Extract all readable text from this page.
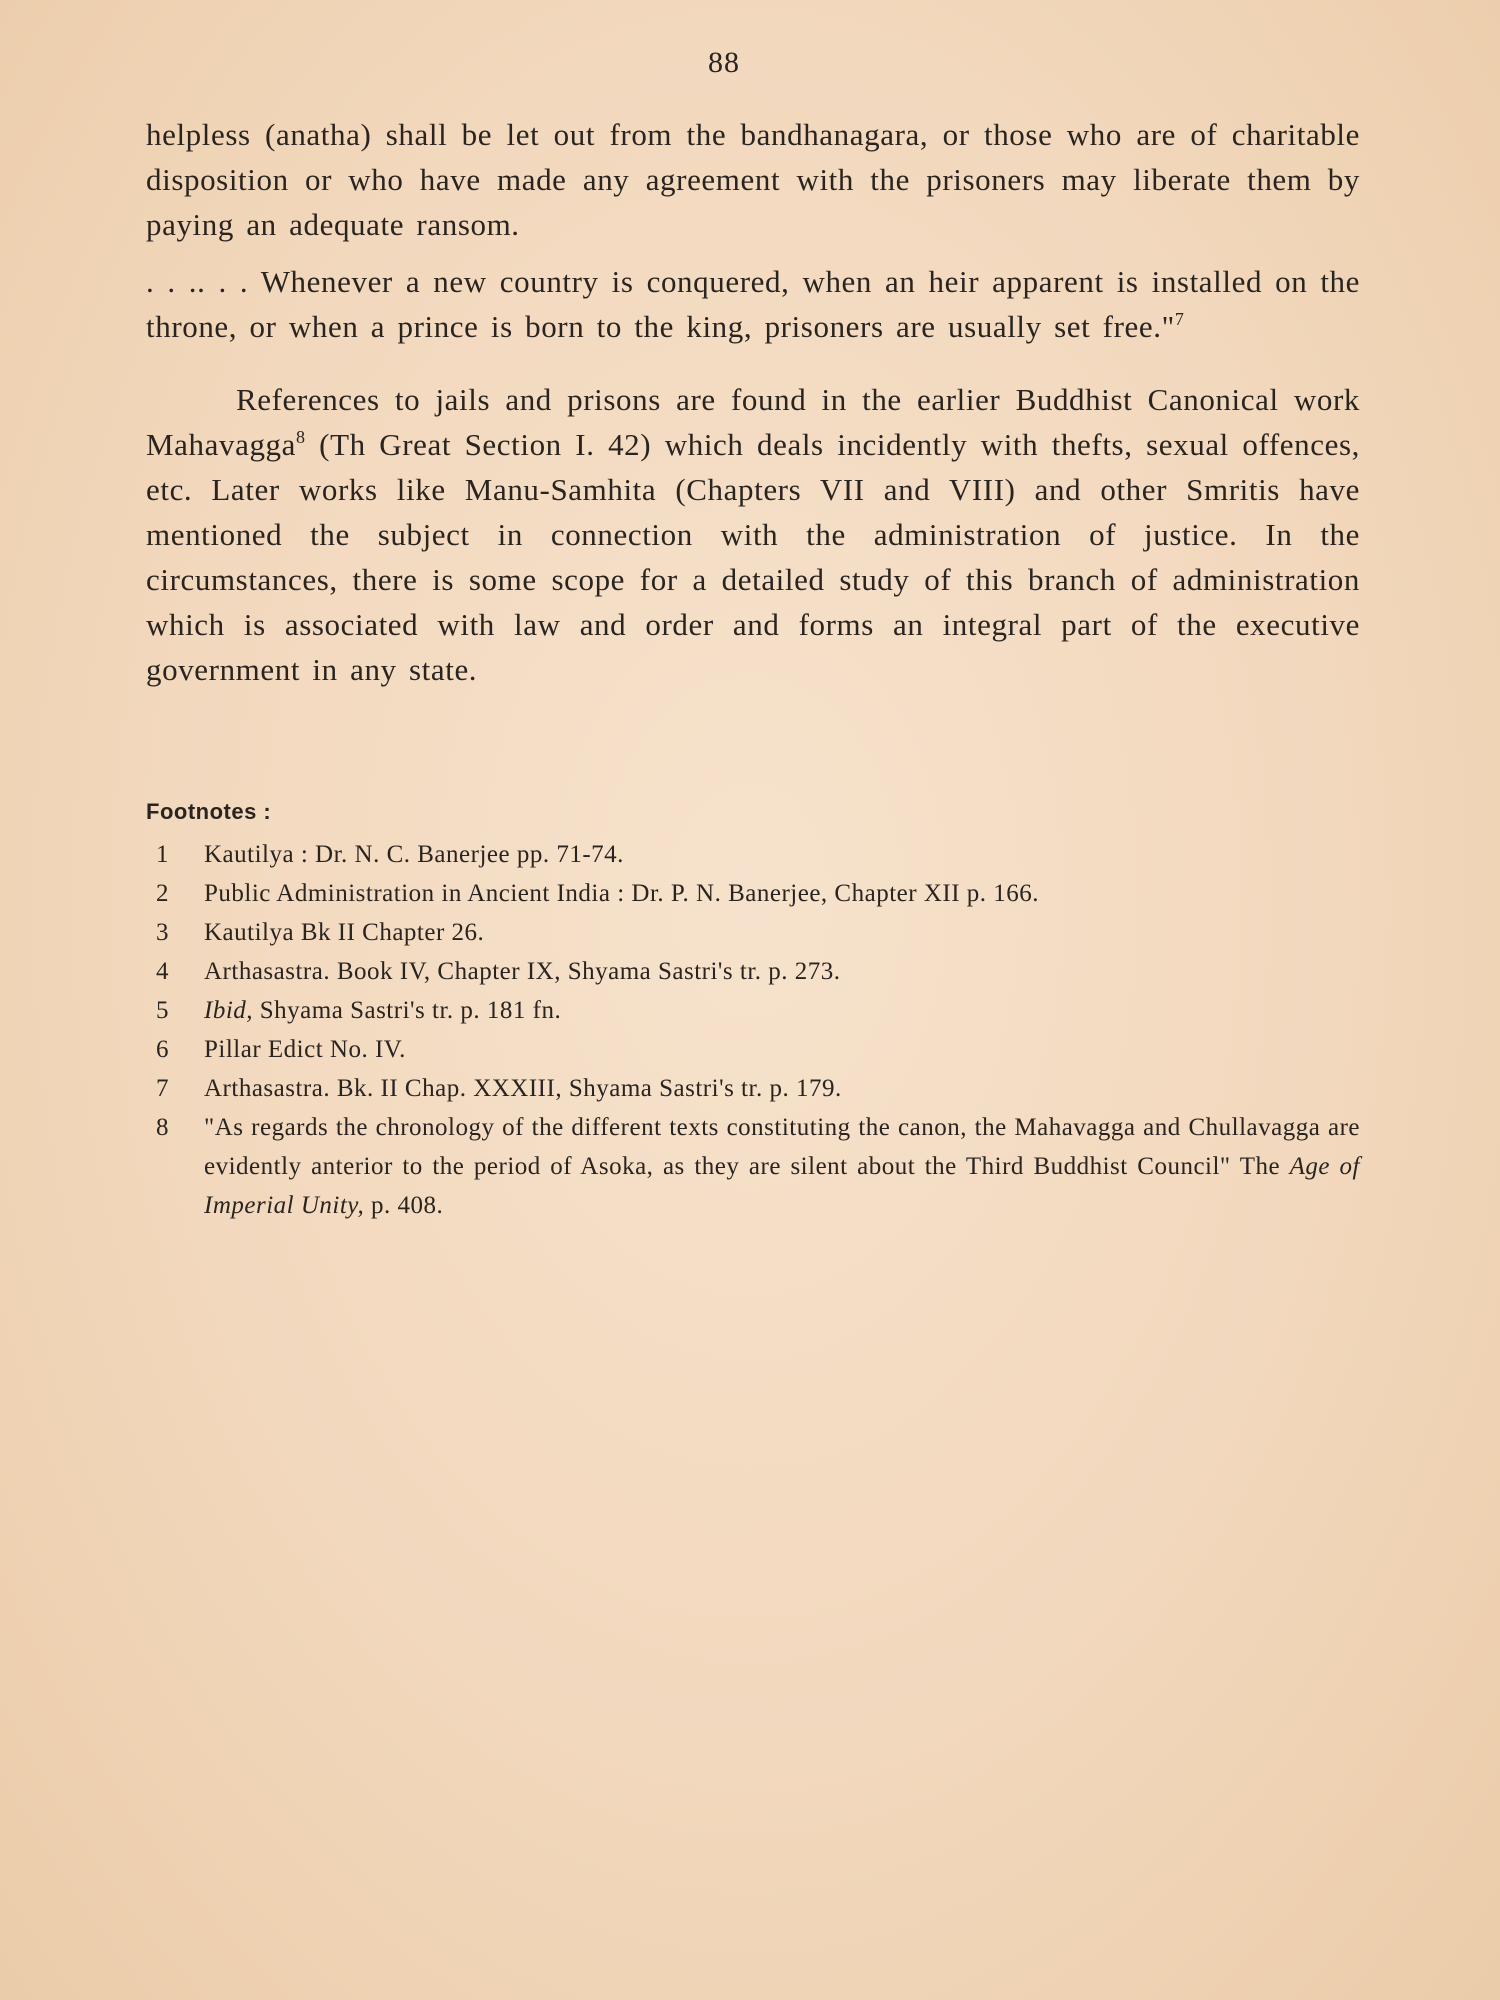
88

helpless (anatha) shall be let out from the bandhanagara, or those who are of charitable disposition or who have made any agreement with the prisoners may liberate them by paying an adequate ransom.

. . .. . . Whenever a new country is conquered, when an heir apparent is installed on the throne, or when a prince is born to the king, prisoners are usually set free."$^7$

References to jails and prisons are found in the earlier Buddhist Canonical work Mahavagga$^8$ (Th Great Section I. 42) which deals incidently with thefts, sexual offences, etc. Later works like Manu-Samhita (Chapters VII and VIII) and other Smritis have mentioned the subject in connection with the administration of justice. In the circumstances, there is some scope for a detailed study of this branch of administration which is associated with law and order and forms an integral part of the executive government in any state.

Footnotes :
1	Kautilya : Dr. N. C. Banerjee pp. 71-74.
2	Public Administration in Ancient India : Dr. P. N. Banerjee, Chapter XII p. 166.
3	Kautilya Bk II Chapter 26.
4	Arthasastra. Book IV, Chapter IX, Shyama Sastri's tr. p. 273.
5	Ibid, Shyama Sastri's tr. p. 181 fn.
6	Pillar Edict No. IV.
7	Arthasastra. Bk. II Chap. XXXIII, Shyama Sastri's tr. p. 179.
8	"As regards the chronology of the different texts constituting the canon, the Mahavagga and Chullavagga are evidently anterior to the period of Asoka, as they are silent about the Third Buddhist Council" The Age of Imperial Unity, p. 408.
